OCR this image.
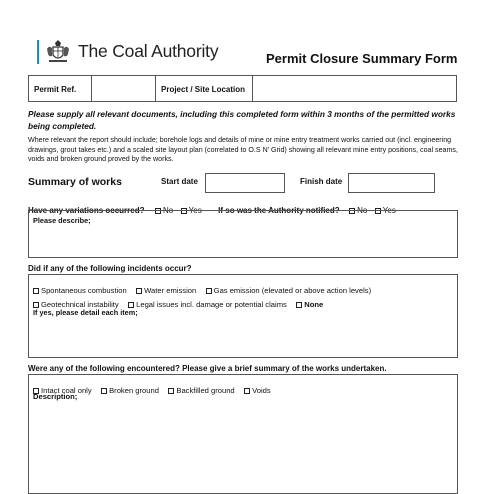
The Coal Authority	Permit Closure Summary Form
Permit Ref.	Project / Site Location
Please supply all relevant documents, including this completed form within 3 months of the permitted works being completed.
Where relevant the report should include; borehole logs and details of mine or mine entry treatment works carried out (incl. engineering drawings, grout takes etc.) and a scaled site layout plan (correlated to O.S N’ Grid) showing all relevant mine entry positions, coal seams, voids and broken ground proved by the works.
Summary of works	Start date	Finish date
Have any variations occurred? No Yes If so was the Authority notified? No Yes
Please describe;
Did if any of the following incidents occur?
Spontaneous combustion Water emission Gas emission (elevated or above action levels)
Geotechnical instability Legal issues incl. damage or potential claims None
If yes, please detail each item;
Were any of the following encountered? Please give a brief summary of the works undertaken.
Intact coal only Broken ground Backfilled ground Voids
Description;
